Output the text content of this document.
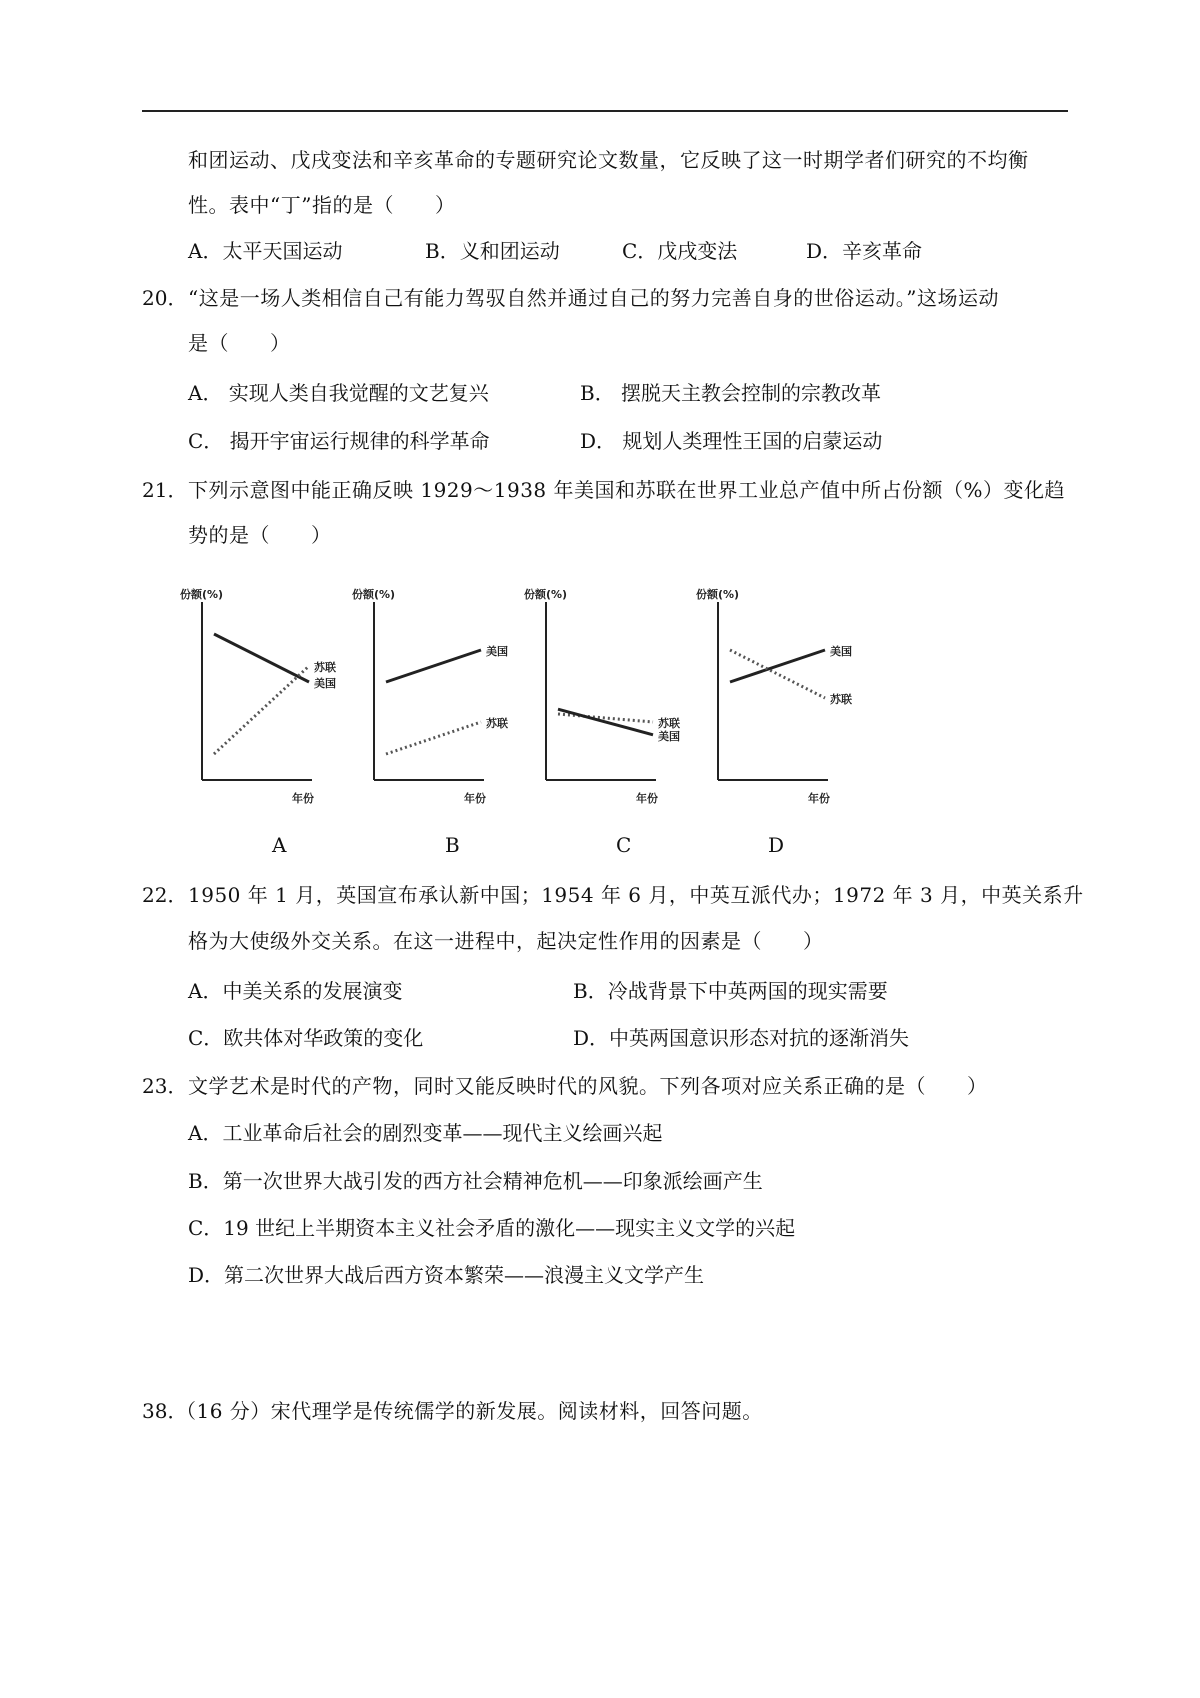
和团运动、戊戌变法和辛亥革命的专题研究论文数量，它反映了这一时期学者们研究的不均衡
性。表中“丁”指的是（　　）
A．太平天国运动	B．义和团运动	C．戊戌变法	D．辛亥革命
20． “这是一场人类相信自己有能力驾驭自然并通过自己的努力完善自身的世俗运动。”这场运动
是（　　）
A． 实现人类自我觉醒的文艺复兴	B． 摆脱天主教会控制的宗教改革
C． 揭开宇宙运行规律的科学革命	D． 规划人类理性王国的启蒙运动
21． 下列示意图中能正确反映 1929～1938 年美国和苏联在世界工业总产值中所占份额（%）变化趋
势的是（　　）
份额(%)
年份
美国
苏联
份额(%)
年份
美国
苏联
份额(%)
年份
苏联
美国
份额(%)
年份
美国
苏联
A	B	C	D
22． 1950 年 1 月，英国宣布承认新中国；1954 年 6 月，中英互派代办；1972 年 3 月，中英关系升
格为大使级外交关系。在这一进程中，起决定性作用的因素是（　　）
A．中美关系的发展演变	B．冷战背景下中英两国的现实需要
C．欧共体对华政策的变化	D．中英两国意识形态对抗的逐渐消失
23． 文学艺术是时代的产物，同时又能反映时代的风貌。下列各项对应关系正确的是（　　）
A．工业革命后社会的剧烈变革——现代主义绘画兴起
B．第一次世界大战引发的西方社会精神危机——印象派绘画产生
C．19 世纪上半期资本主义社会矛盾的激化——现实主义文学的兴起
D．第二次世界大战后西方资本繁荣——浪漫主义文学产生
38．
（16 分）宋代理学是传统儒学的新发展。阅读材料，回答问题。
